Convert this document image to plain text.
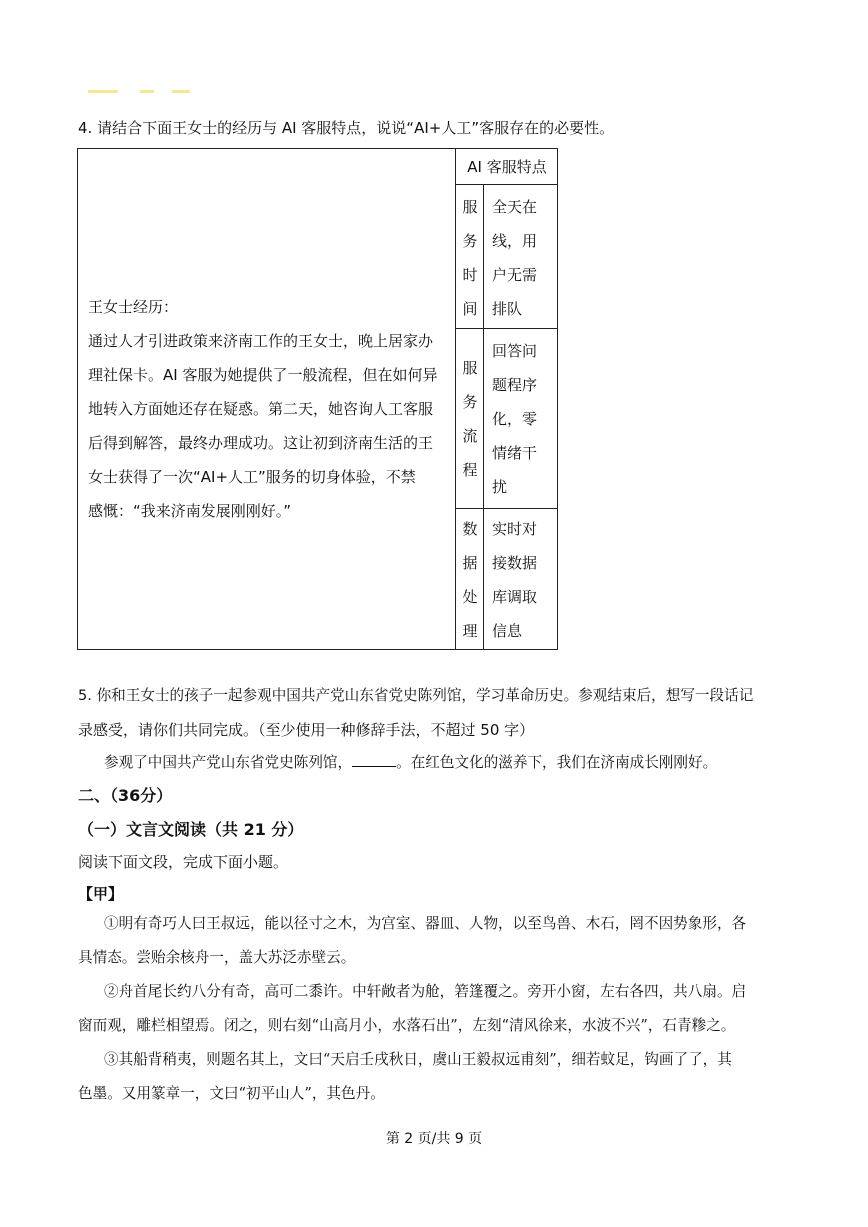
4. 请结合下面王女士的经历与 AI 客服特点，说说“AI+人工”客服存在的必要性。
王女士经历：
通过人才引进政策来济南工作的王女士，晚上居家办
理社保卡。AI 客服为她提供了一般流程，但在如何异
地转入方面她还存在疑惑。第二天，她咨询人工客服
后得到解答，最终办理成功。这让初到济南生活的王
女士获得了一次“AI+人工”服务的切身体验，不禁
感慨：“我来济南发展刚刚好。”
AI 客服特点
服
务
时
间
全天在
线，用
户无需
排队
服
务
流
程
回答问
题程序
化，零
情绪干
扰
数
据
处
理
实时对
接数据
库调取
信息
5. 你和王女士的孩子一起参观中国共产党山东省党史陈列馆，学习革命历史。参观结束后，想写一段话记
录感受，请你们共同完成。（至少使用一种修辞手法，不超过 50 字）
参观了中国共产党山东省党史陈列馆，	。在红色文化的滋养下，我们在济南成长刚刚好。
二、（36分）
（一）文言文阅读（共 21 分）
阅读下面文段，完成下面小题。
【甲】
①明有奇巧人曰王叔远，能以径寸之木，为宫室、器皿、人物，以至鸟兽、木石，罔不因势象形，各
具情态。尝贻余核舟一，盖大苏泛赤壁云。
②舟首尾长约八分有奇，高可二黍许。中轩敞者为舱，箬篷覆之。旁开小窗，左右各四，共八扇。启
窗而观，雕栏相望焉。闭之，则右刻“山高月小，水落石出”，左刻“清风徐来，水波不兴”，石青糁之。
③其船背稍夷，则题名其上，文曰“天启壬戌秋日，虞山王毅叔远甫刻”，细若蚊足，钩画了了，其
色墨。又用篆章一，文曰“初平山人”，其色丹。
第 2 页/共 9 页
